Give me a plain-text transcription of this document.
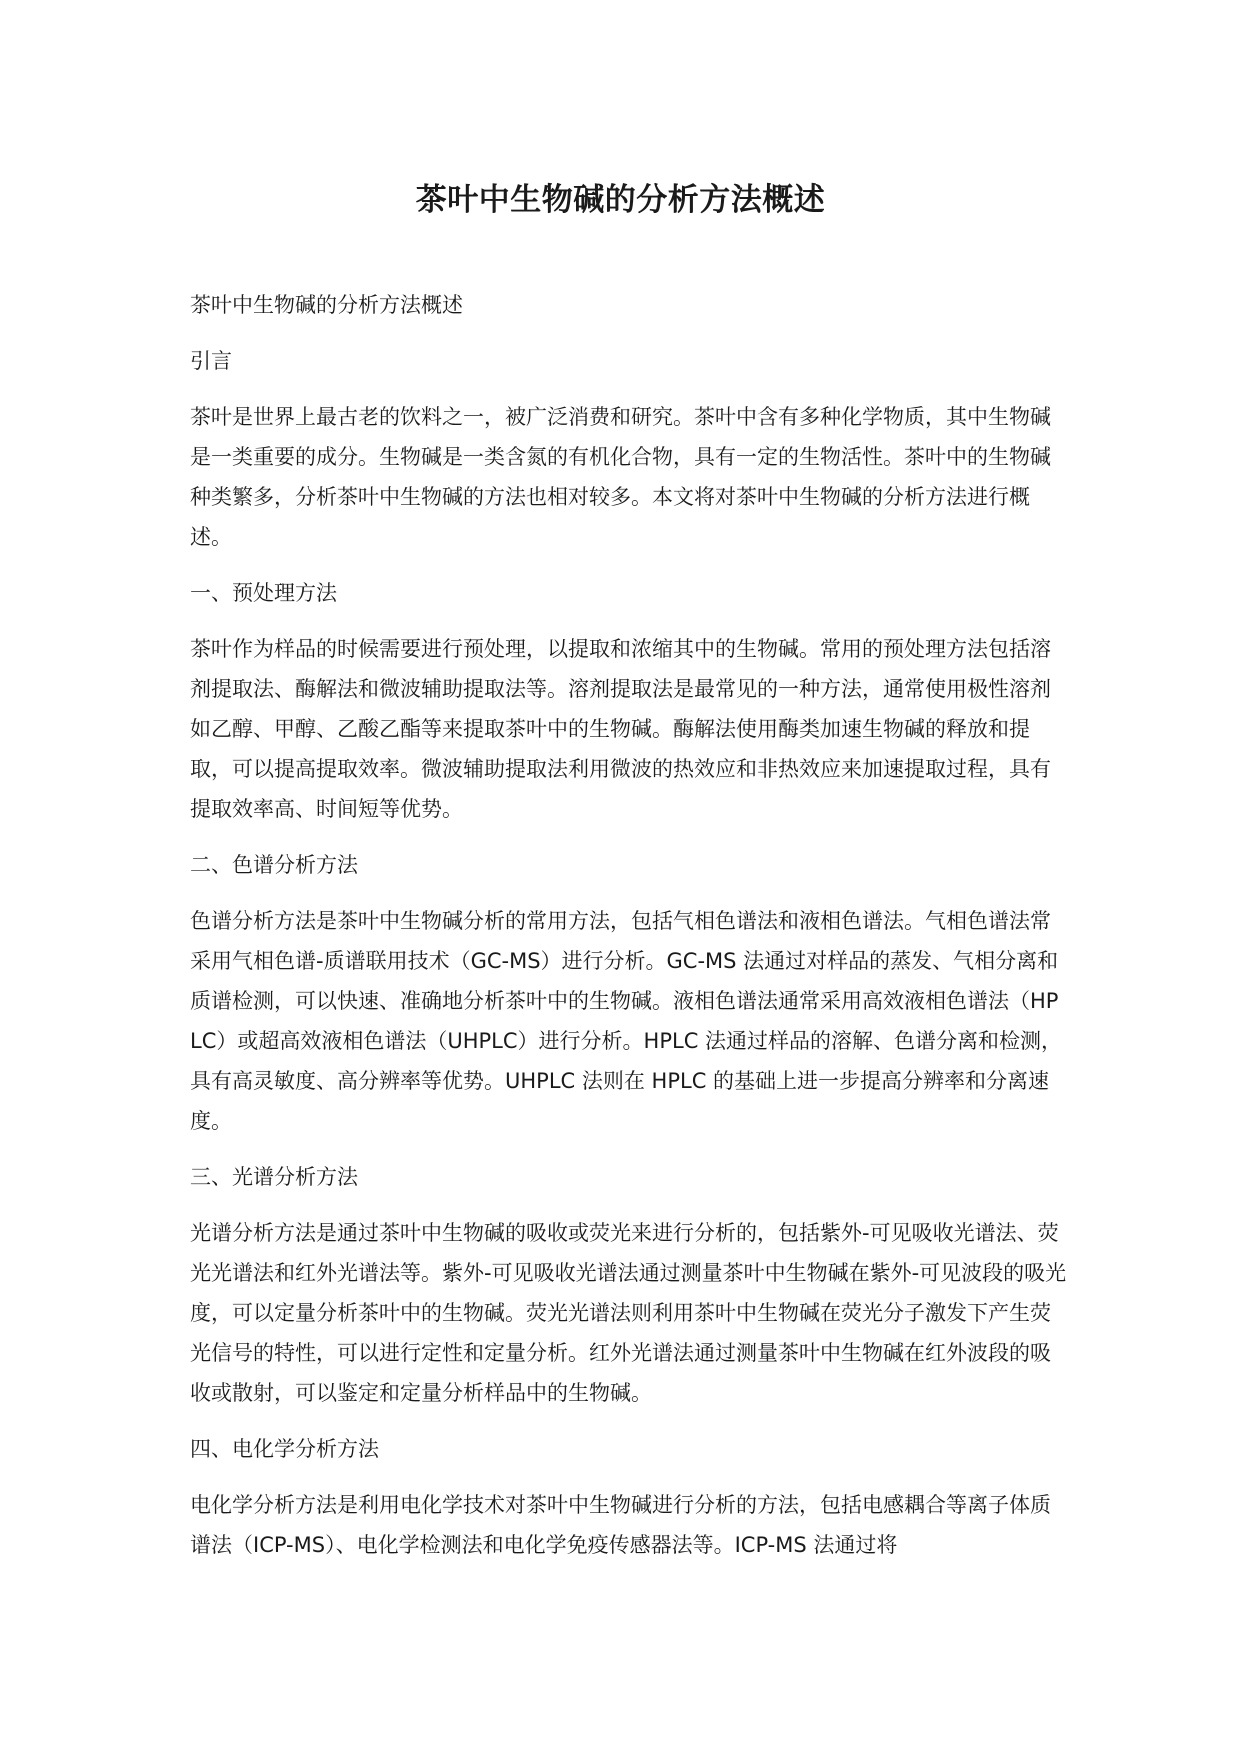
茶叶中生物碱的分析方法概述

茶叶中生物碱的分析方法概述

引言

茶叶是世界上最古老的饮料之一，被广泛消费和研究。茶叶中含有多种化学物质，其中生物碱是一类重要的成分。生物碱是一类含氮的有机化合物，具有一定的生物活性。茶叶中的生物碱种类繁多，分析茶叶中生物碱的方法也相对较多。本文将对茶叶中生物碱的分析方法进行概述。

一、预处理方法

茶叶作为样品的时候需要进行预处理，以提取和浓缩其中的生物碱。常用的预处理方法包括溶剂提取法、酶解法和微波辅助提取法等。溶剂提取法是最常见的一种方法，通常使用极性溶剂如乙醇、甲醇、乙酸乙酯等来提取茶叶中的生物碱。酶解法使用酶类加速生物碱的释放和提取，可以提高提取效率。微波辅助提取法利用微波的热效应和非热效应来加速提取过程，具有提取效率高、时间短等优势。

二、色谱分析方法

色谱分析方法是茶叶中生物碱分析的常用方法，包括气相色谱法和液相色谱法。气相色谱法常采用气相色谱-质谱联用技术（GC-MS）进行分析。GC-MS 法通过对样品的蒸发、气相分离和质谱检测，可以快速、准确地分析茶叶中的生物碱。液相色谱法通常采用高效液相色谱法（HPLC）或超高效液相色谱法（UHPLC）进行分析。HPLC 法通过样品的溶解、色谱分离和检测，具有高灵敏度、高分辨率等优势。UHPLC 法则在 HPLC 的基础上进一步提高分辨率和分离速度。

三、光谱分析方法

光谱分析方法是通过茶叶中生物碱的吸收或荧光来进行分析的，包括紫外-可见吸收光谱法、荧光光谱法和红外光谱法等。紫外-可见吸收光谱法通过测量茶叶中生物碱在紫外-可见波段的吸光度，可以定量分析茶叶中的生物碱。荧光光谱法则利用茶叶中生物碱在荧光分子激发下产生荧光信号的特性，可以进行定性和定量分析。红外光谱法通过测量茶叶中生物碱在红外波段的吸收或散射，可以鉴定和定量分析样品中的生物碱。

四、电化学分析方法

电化学分析方法是利用电化学技术对茶叶中生物碱进行分析的方法，包括电感耦合等离子体质谱法（ICP-MS）、电化学检测法和电化学免疫传感器法等。ICP-MS 法通过将
